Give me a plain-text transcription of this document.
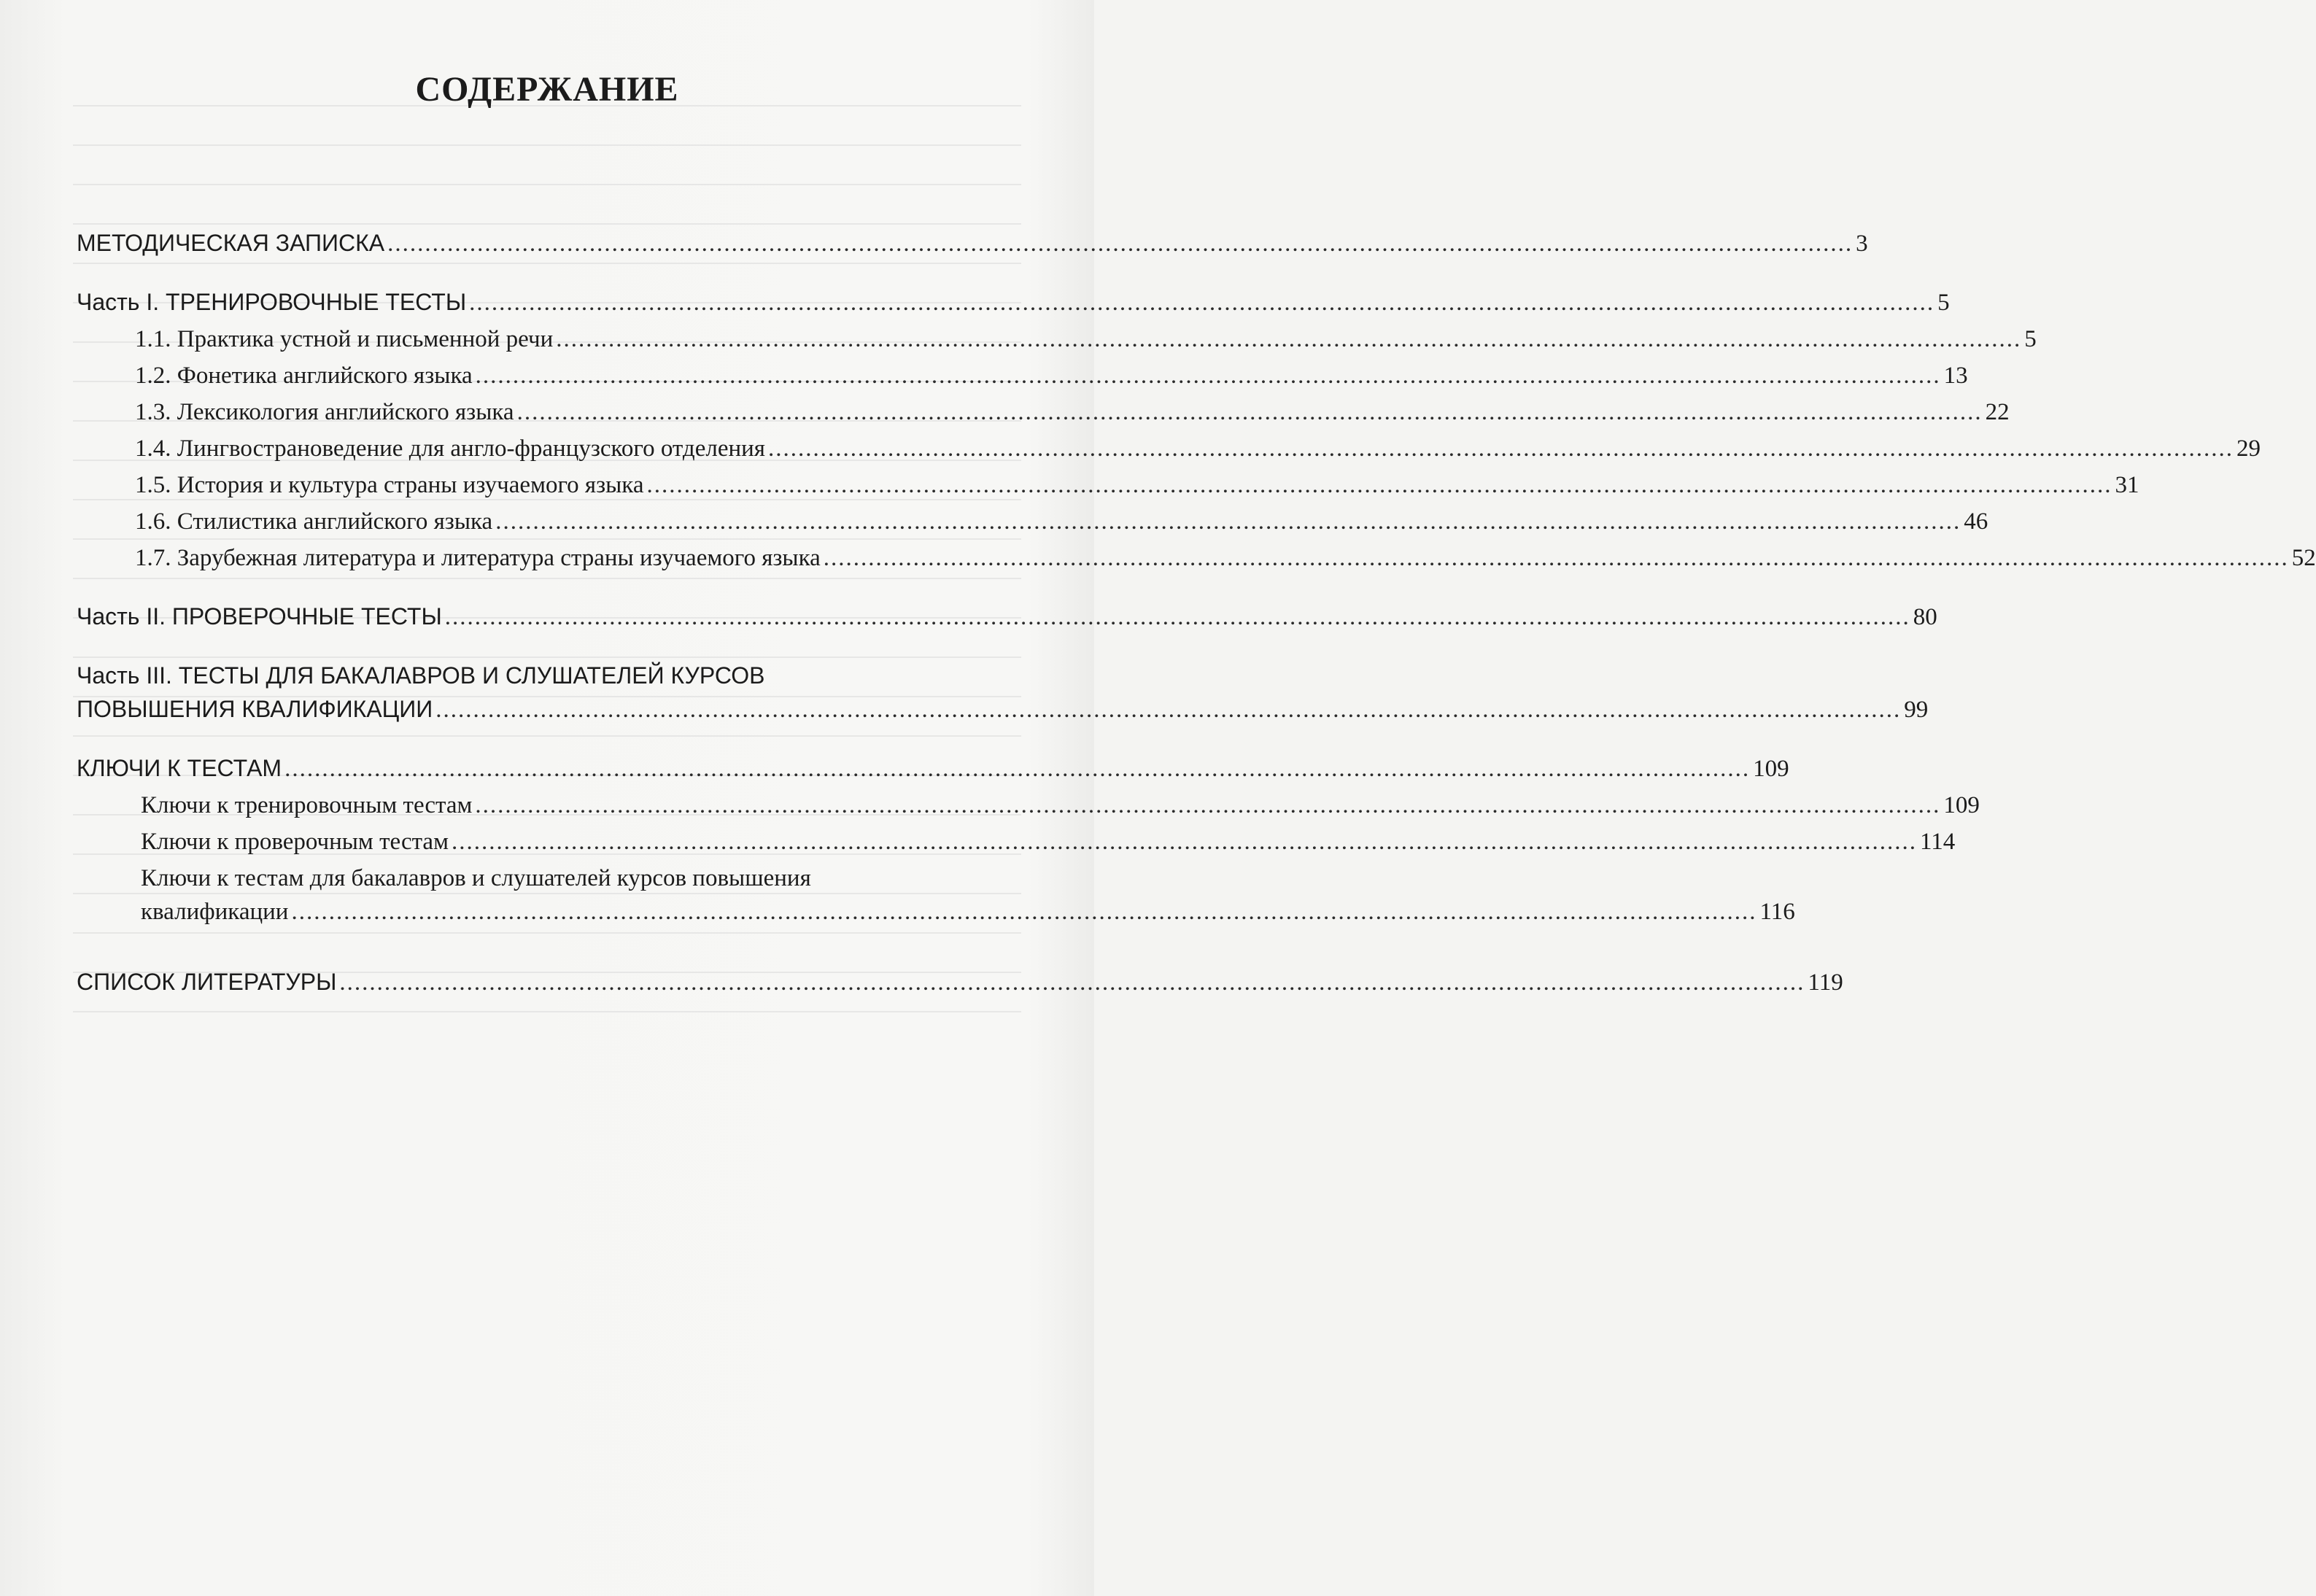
СОДЕРЖАНИЕ
МЕТОДИЧЕСКАЯ ЗАПИСКА .................................................................................................................................................................................................... 3
Часть I. ТРЕНИРОВОЧНЫЕ ТЕСТЫ .................................................................................................................................................................................................... 5
1.1. Практика устной и письменной речи .................................................................................................................................................................................................... 5
1.2. Фонетика английского языка .................................................................................................................................................................................................... 13
1.3. Лексикология английского языка .................................................................................................................................................................................................... 22
1.4. Лингвострановедение для англо-французского отделения .................................................................................................................................................................................................... 29
1.5. История и культура страны изучаемого языка .................................................................................................................................................................................................... 31
1.6. Стилистика английского языка .................................................................................................................................................................................................... 46
1.7. Зарубежная литература и литература страны изучаемого языка .................................................................................................................................................................................................... 52
Часть II. ПРОВЕРОЧНЫЕ ТЕСТЫ .................................................................................................................................................................................................... 80
Часть III. ТЕСТЫ ДЛЯ БАКАЛАВРОВ И СЛУШАТЕЛЕЙ КУРСОВ
ПОВЫШЕНИЯ КВАЛИФИКАЦИИ .................................................................................................................................................................................................... 99
КЛЮЧИ К ТЕСТАМ .................................................................................................................................................................................................... 109
Ключи к тренировочным тестам .................................................................................................................................................................................................... 109
Ключи к проверочным тестам .................................................................................................................................................................................................... 114
Ключи к тестам для бакалавров и слушателей курсов повышения
квалификации .................................................................................................................................................................................................... 116
СПИСОК ЛИТЕРАТУРЫ .................................................................................................................................................................................................... 119
